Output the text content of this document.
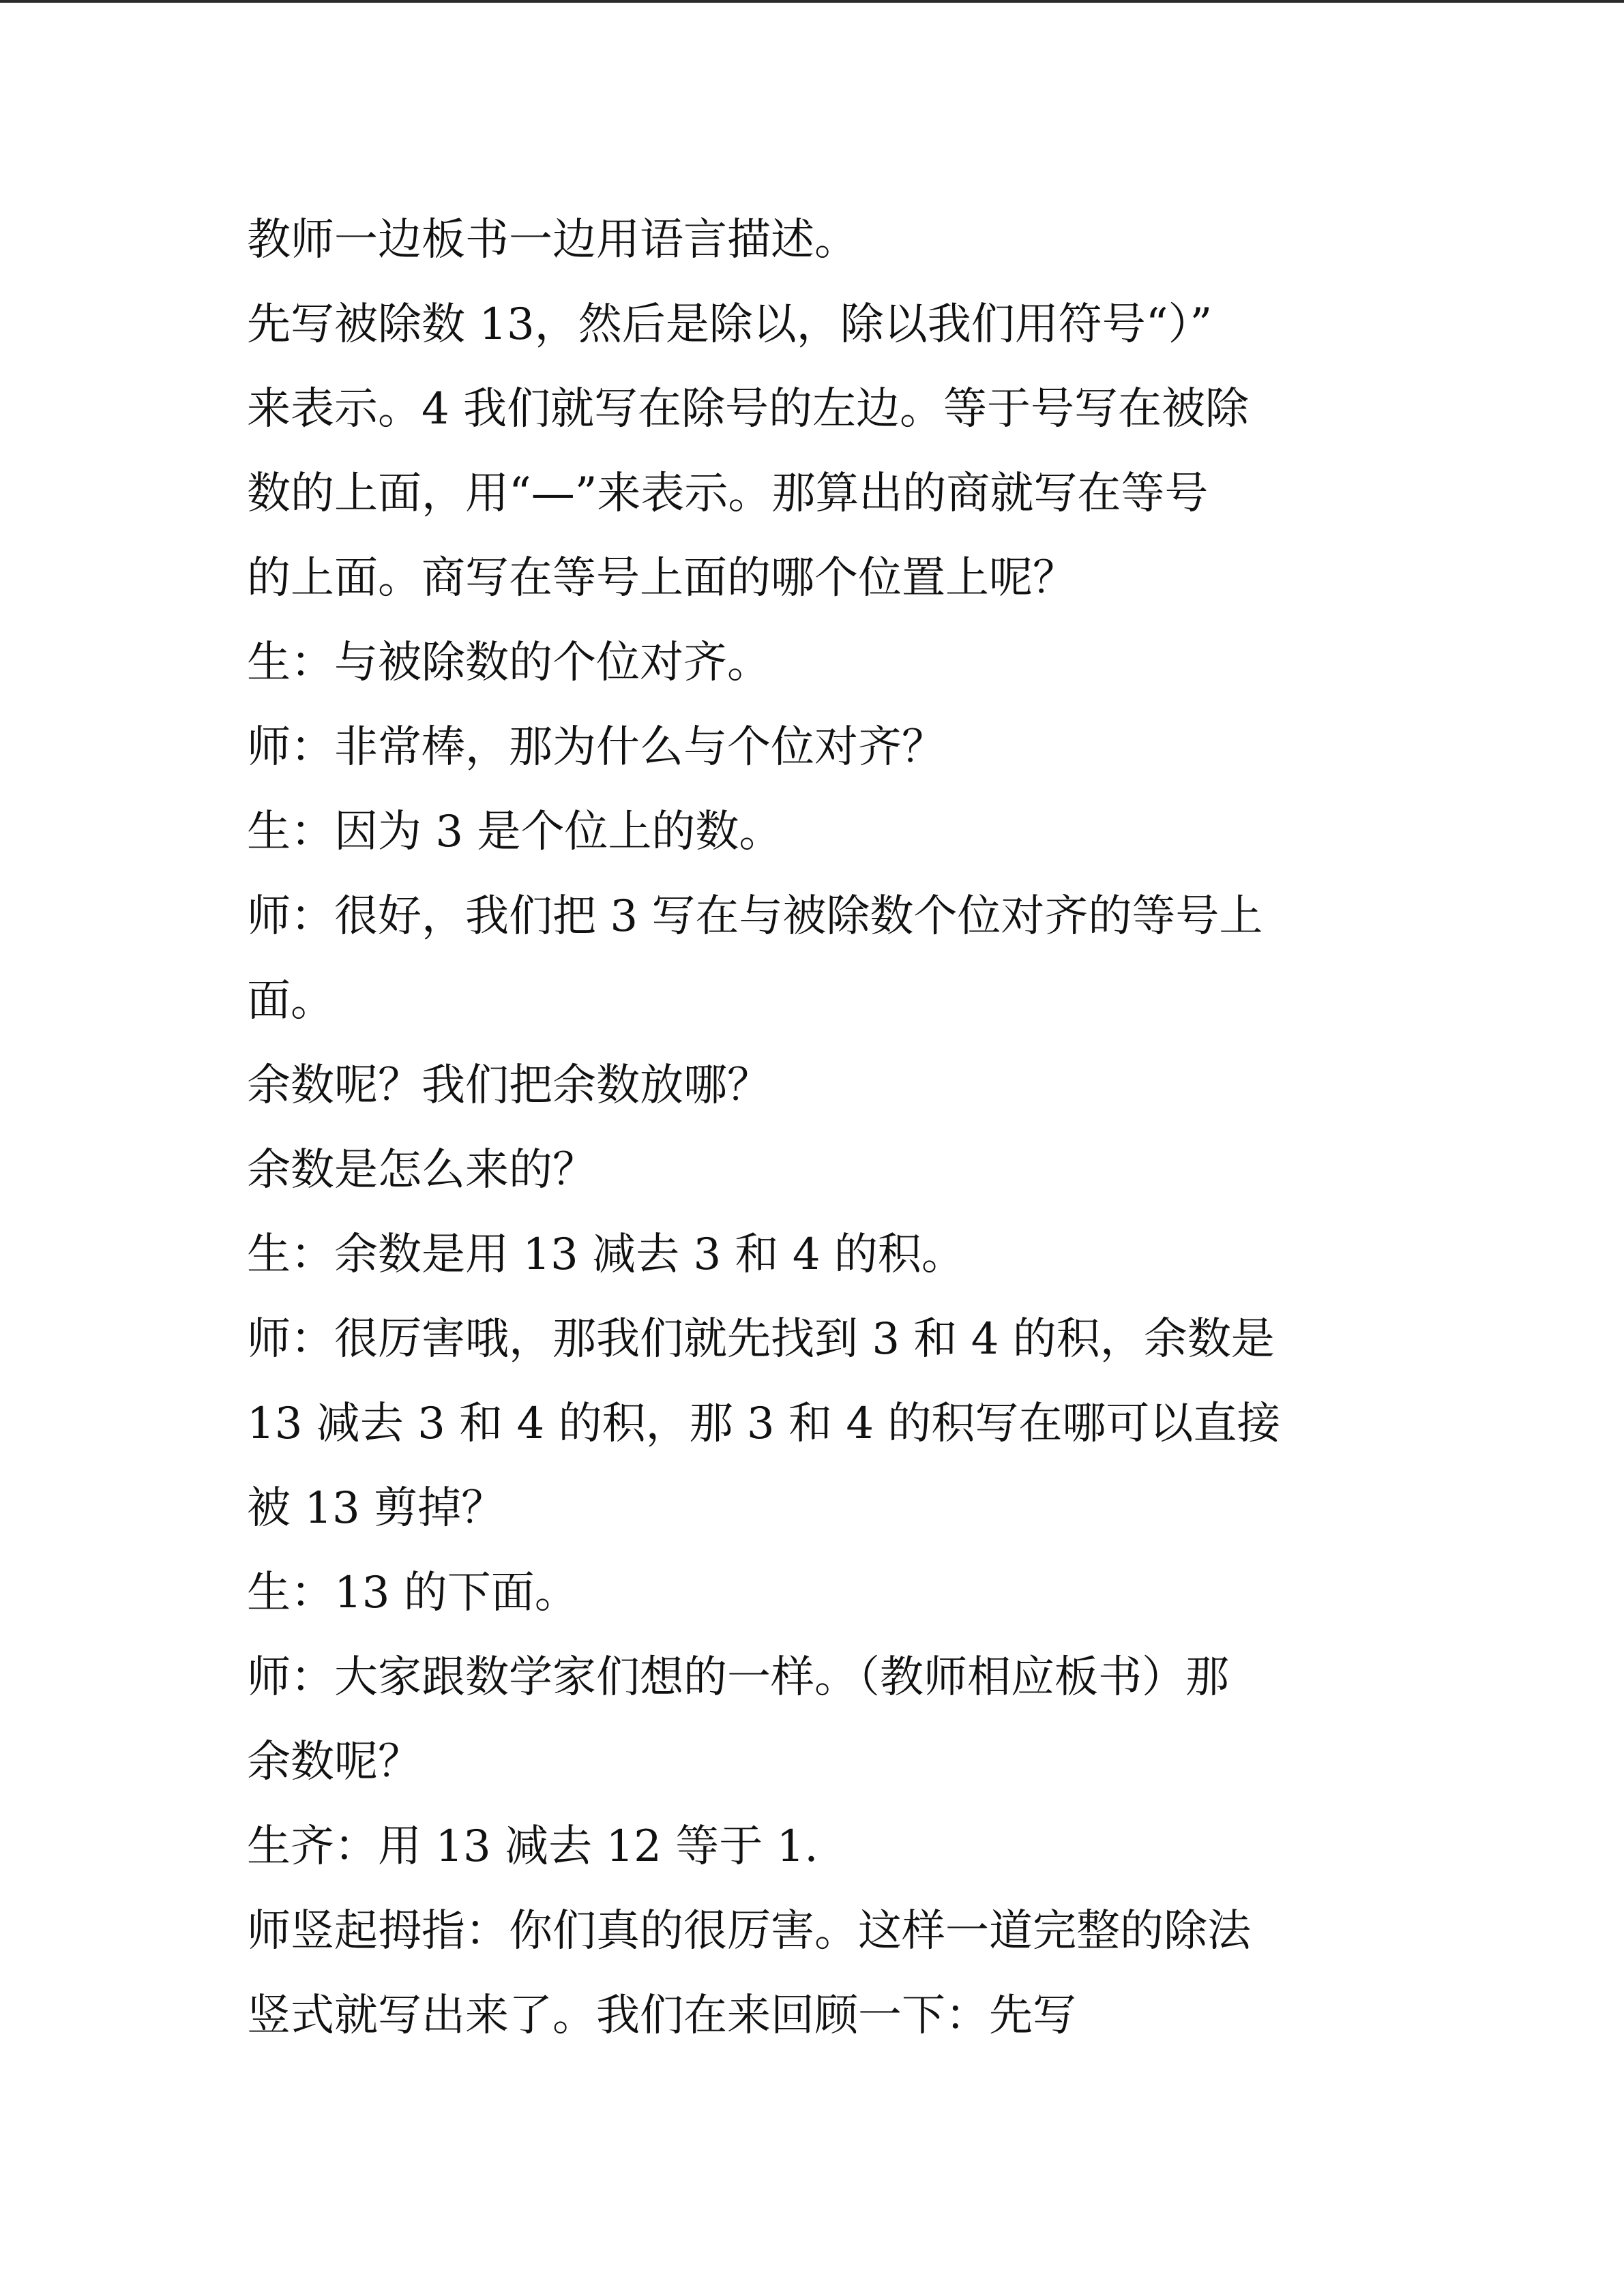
教师一边板书一边用语言描述。
先写被除数 13，然后是除以，除以我们用符号“）”
来表示。4 我们就写在除号的左边。等于号写在被除
数的上面，用“—”来表示。那算出的商就写在等号
的上面。商写在等号上面的哪个位置上呢？
生：与被除数的个位对齐。
师：非常棒，那为什么与个位对齐？
生：因为 3 是个位上的数。
师：很好，我们把 3 写在与被除数个位对齐的等号上
面。
余数呢？我们把余数放哪？
余数是怎么来的？
生：余数是用 13 减去 3 和 4 的积。
师：很厉害哦，那我们就先找到 3 和 4 的积，余数是
13 减去 3 和 4 的积，那 3 和 4 的积写在哪可以直接
被 13 剪掉？
生：13 的下面。
师：大家跟数学家们想的一样。（教师相应板书）那
余数呢？
生齐：用 13 减去 12 等于 1.
师竖起拇指：你们真的很厉害。这样一道完整的除法
竖式就写出来了。我们在来回顾一下：先写
